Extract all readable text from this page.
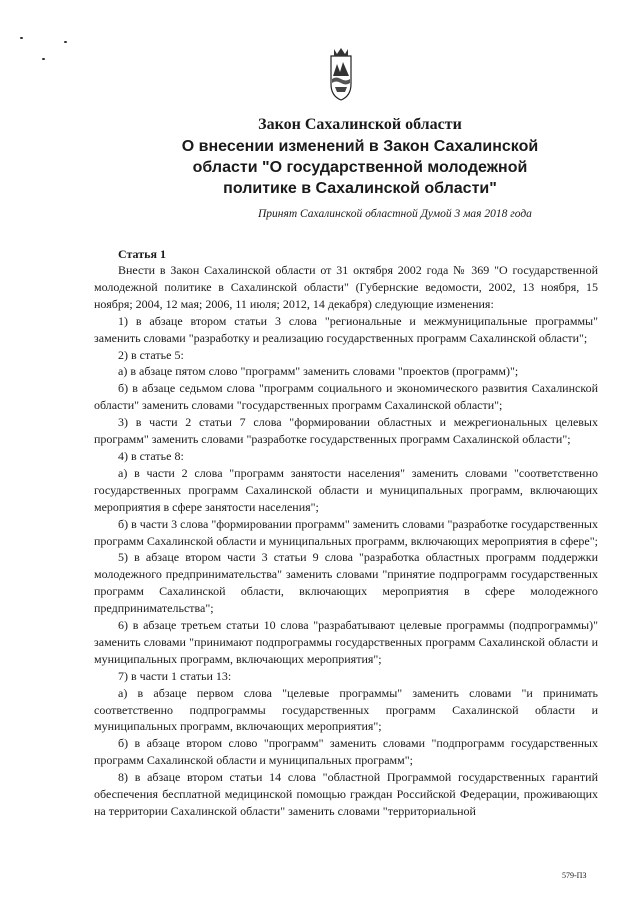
Закон Сахалинской области
О внесении изменений в Закон Сахалинской
области "О государственной молодежной
политике в Сахалинской области"
Принят Сахалинской областной Думой 3 мая 2018 года
Статья 1

Внести в Закон Сахалинской области от 31 октября 2002 года № 369 "О государственной молодежной политике в Сахалинской области" (Губернские ведомости, 2002, 13 ноября, 15 ноября; 2004, 12 мая; 2006, 11 июля; 2012, 14 декабря) следующие изменения:

1) в абзаце втором статьи 3 слова "региональные и межмуниципальные программы" заменить словами "разработку и реализацию государственных программ Сахалинской области";

2) в статье 5:

а) в абзаце пятом слово "программ" заменить словами "проектов (программ)";

б) в абзаце седьмом слова "программ социального и экономического развития Сахалинской области" заменить словами "государственных программ Сахалинской области";

3) в части 2 статьи 7 слова "формировании областных и межрегиональных целевых программ" заменить словами "разработке государственных программ Сахалинской области";

4) в статье 8:

а) в части 2 слова "программ занятости населения" заменить словами "соответственно государственных программ Сахалинской области и муниципальных программ, включающих мероприятия в сфере занятости населения";

б) в части 3 слова "формировании программ" заменить словами "разработке государственных программ Сахалинской области и муниципальных программ, включающих мероприятия в сфере";

5) в абзаце втором части 3 статьи 9 слова "разработка областных программ поддержки молодежного предпринимательства" заменить словами "принятие подпрограмм государственных программ Сахалинской области, включающих мероприятия в сфере молодежного предпринимательства";

6) в абзаце третьем статьи 10 слова "разрабатывают целевые программы (подпрограммы)" заменить словами "принимают подпрограммы государственных программ Сахалинской области и муниципальных программ, включающих мероприятия";

7) в части 1 статьи 13:

а) в абзаце первом слова "целевые программы" заменить словами "и принимать соответственно подпрограммы государственных программ Сахалинской области и муниципальных программ, включающих мероприятия";

б) в абзаце втором слово "программ" заменить словами "подпрограмм государственных программ Сахалинской области и муниципальных программ";

8) в абзаце втором статьи 14 слова "областной Программой государственных гарантий обеспечения бесплатной медицинской помощью граждан Российской Федерации, проживающих на территории Сахалинской области" заменить словами "территориальной

579-ПЗ
